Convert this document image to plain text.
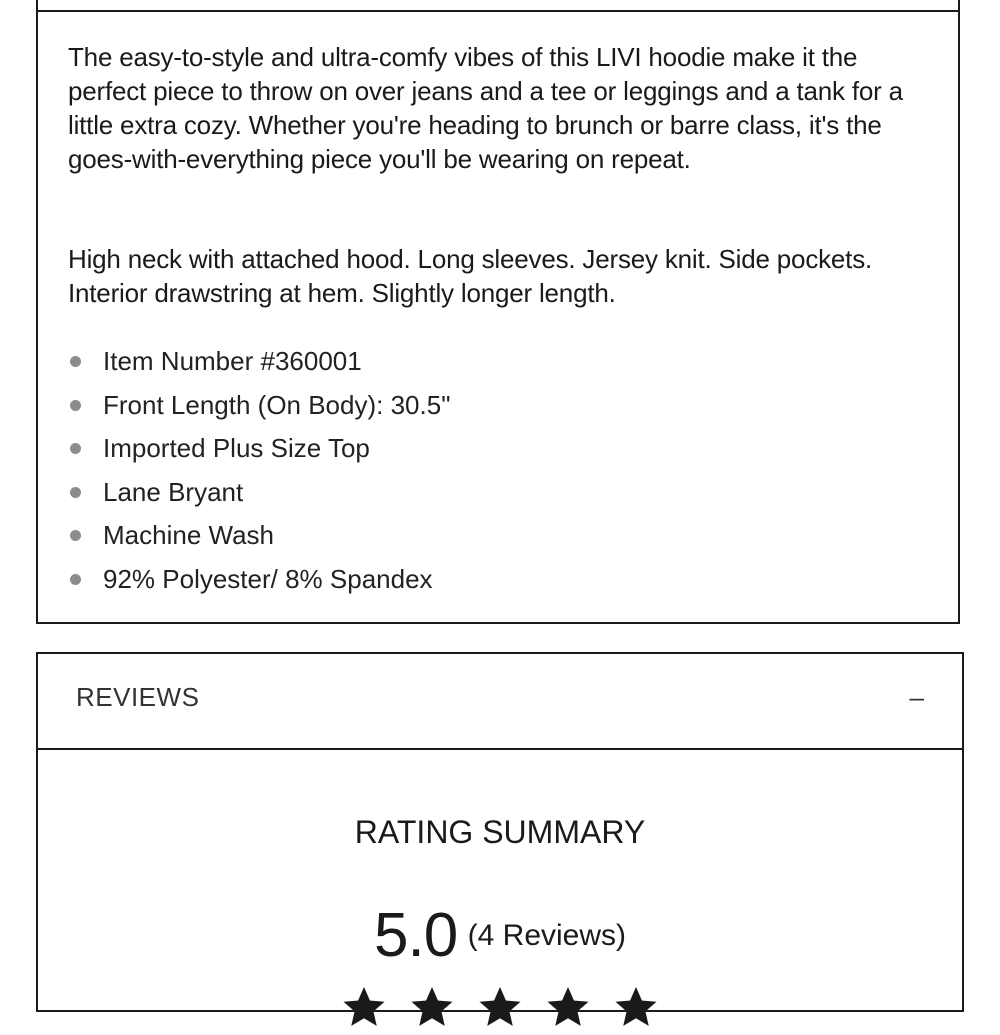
The easy-to-style and ultra-comfy vibes of this LIVI hoodie make it the perfect piece to throw on over jeans and a tee or leggings and a tank for a little extra cozy. Whether you're heading to brunch or barre class, it's the goes-with-everything piece you'll be wearing on repeat.

High neck with attached hood. Long sleeves. Jersey knit. Side pockets. Interior drawstring at hem. Slightly longer length.

Item Number #360001
Front Length (On Body): 30.5"
Imported Plus Size Top
Lane Bryant
Machine Wash
92% Polyester/ 8% Spandex
REVIEWS	–
RATING SUMMARY
5.0 (4 Reviews)
